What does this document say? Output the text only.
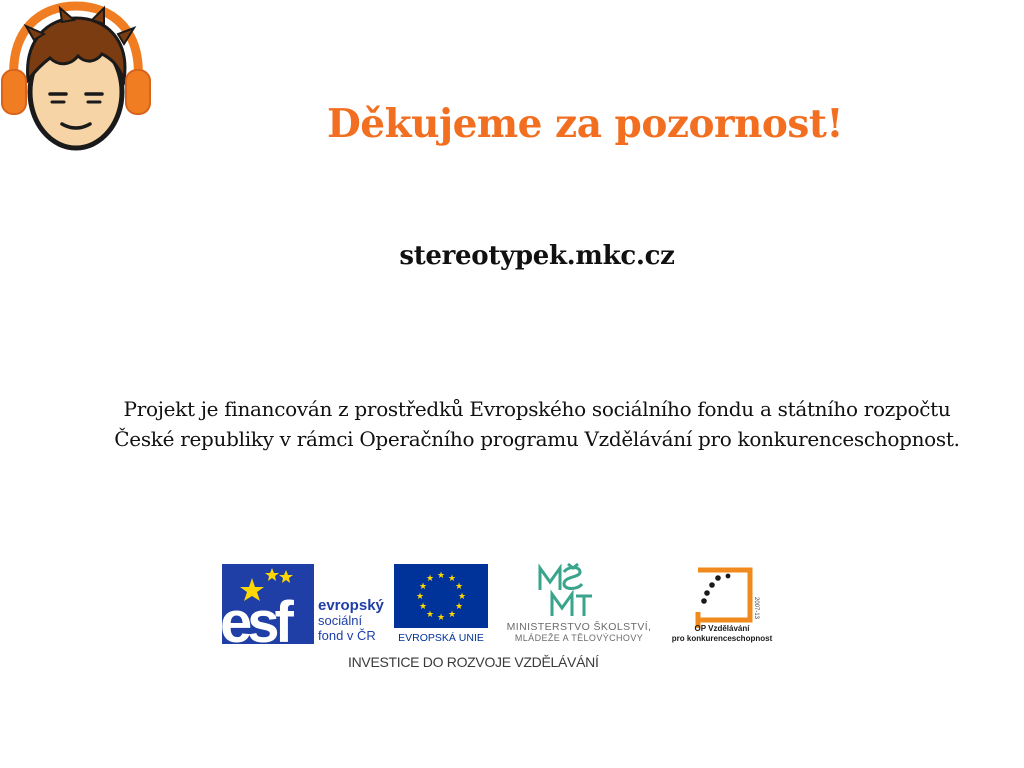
Děkujeme za pozornost!

stereotypek.mkc.cz

Projekt je financován z prostředků Evropského sociálního fondu a státního rozpočtu České republiky v rámci Operačního programu Vzdělávání pro konkurenceschopnost.

esf	evropský
sociální
fond v ČR
★ ★
★
★
★
★
★
★
★
★
★
★
EVROPSKÁ UNIE
MINISTERSTVO ŠKOLSTVÍ,
MLÁDEŽE A TĚLOVÝCHOVY
2007-13
OP Vzdělávání
pro konkurenceschopnost

INVESTICE DO ROZVOJE VZDĚLÁVÁNÍ
